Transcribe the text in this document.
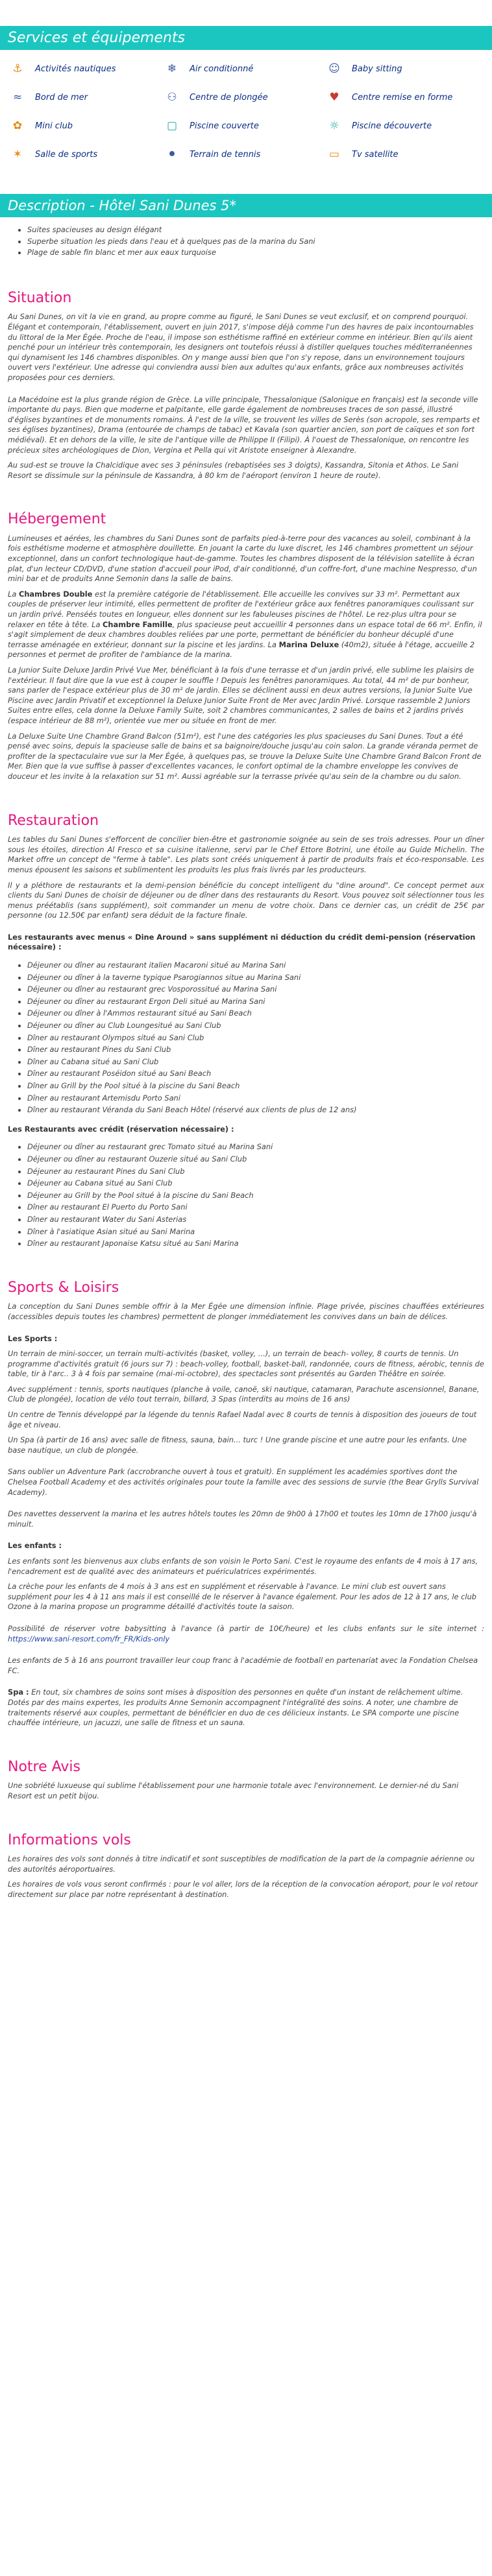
Services et équipements
⚓	Activités nautiques	❄	Air conditionné	☺	Baby sitting
≈	Bord de mer	⚇	Centre de plongée	♥	Centre remise en forme
✿	Mini club	▢	Piscine couverte	☼	Piscine découverte
✶	Salle de sports	⚫	Terrain de tennis	▭	Tv satellite
Description - Hôtel Sani Dunes 5*
• Suites spacieuses au design élégant
• Superbe situation les pieds dans l'eau et à quelques pas de la marina du Sani
• Plage de sable fin blanc et mer aux eaux turquoise
Situation

Au Sani Dunes, on vit la vie en grand, au propre comme au figuré, le Sani Dunes se veut exclusif, et on comprend pourquoi. Élégant et contemporain, l'établissement, ouvert en juin 2017, s'impose déjà comme l'un des havres de paix incontournables du littoral de la Mer Égée. Proche de l'eau, il impose son esthétisme raffiné en extérieur comme en intérieur. Bien qu'ils aient penché pour un intérieur très contemporain, les designers ont toutefois réussi à distiller quelques touches méditerranéennes qui dynamisent les 146 chambres disponibles. On y mange aussi bien que l'on s'y repose, dans un environnement toujours ouvert vers l'extérieur. Une adresse qui conviendra aussi bien aux adultes qu'aux enfants, grâce aux nombreuses activités proposées pour ces derniers.

La Macédoine est la plus grande région de Grèce. La ville principale, Thessalonique (Salonique en français) est la seconde ville importante du pays. Bien que moderne et palpitante, elle garde également de nombreuses traces de son passé, illustré d'églises byzantines et de monuments romains. À l'est de la ville, se trouvent les villes de Serès (son acropole, ses remparts et ses églises byzantines), Drama (entourée de champs de tabac) et Kavala (son quartier ancien, son port de caïques et son fort médiéval). Et en dehors de la ville, le site de l'antique ville de Philippe II (Filipi). À l'ouest de Thessalonique, on rencontre les précieux sites archéologiques de Dion, Vergina et Pella qui vit Aristote enseigner à Alexandre.

Au sud-est se trouve la Chalcidique avec ses 3 péninsules (rebaptisées ses 3 doigts), Kassandra, Sitonia et Athos. Le Sani Resort se dissimule sur la péninsule de Kassandra, à 80 km de l'aéroport (environ 1 heure de route).

Hébergement

Lumineuses et aérées, les chambres du Sani Dunes sont de parfaits pied-à-terre pour des vacances au soleil, combinant à la fois esthétisme moderne et atmosphère douillette. En jouant la carte du luxe discret, les 146 chambres promettent un séjour exceptionnel, dans un confort technologique haut-de-gamme. Toutes les chambres disposent de la télévision satellite à écran plat, d'un lecteur CD/DVD, d'une station d'accueil pour iPod, d'air conditionné, d'un coffre-fort, d'une machine Nespresso, d'un mini bar et de produits Anne Semonin dans la salle de bains.

La Chambres Double est la première catégorie de l'établissement. Elle accueille les convives sur 33 m². Permettant aux couples de préserver leur intimité, elles permettent de profiter de l'extérieur grâce aux fenêtres panoramiques coulissant sur un jardin privé. Penséés toutes en longueur, elles donnent sur les fabuleuses piscines de l'hôtel. Le rez-plus ultra pour se relaxer en tête à tête. La Chambre Famille, plus spacieuse peut accueillir 4 personnes dans un espace total de 66 m². Enfin, il s'agit simplement de deux chambres doubles reliées par une porte, permettant de bénéficier du bonheur décuplé d'une terrasse aménagée en extérieur, donnant sur la piscine et les jardins. La Marina Deluxe (40m2), située à l'étage, accueille 2 personnes et permet de profiter de l'ambiance de la marina.

La Junior Suite Deluxe Jardin Privé Vue Mer, bénéficiant à la fois d'une terrasse et d'un jardin privé, elle sublime les plaisirs de l'extérieur. Il faut dire que la vue est à couper le souffle ! Depuis les fenêtres panoramiques. Au total, 44 m² de pur bonheur, sans parler de l'espace extérieur plus de 30 m² de jardin. Elles se déclinent aussi en deux autres versions, la Junior Suite Vue Piscine avec Jardin Privatif et exceptionnel la Deluxe Junior Suite Front de Mer avec Jardin Privé. Lorsque rassemble 2 Juniors Suites entre elles, cela donne la Deluxe Family Suite, soit 2 chambres communicantes, 2 salles de bains et 2 jardins privés (espace intérieur de 88 m²), orientée vue mer ou située en front de mer.

La Deluxe Suite Une Chambre Grand Balcon (51m²), est l'une des catégories les plus spacieuses du Sani Dunes. Tout a été pensé avec soins, depuis la spacieuse salle de bains et sa baignoire/douche jusqu'au coin salon. La grande véranda permet de profiter de la spectaculaire vue sur la Mer Égée, à quelques pas, se trouve la Deluxe Suite Une Chambre Grand Balcon Front de Mer. Bien que la vue suffise à passer d'excellentes vacances, le confort optimal de la chambre enveloppe les convives de douceur et les invite à la relaxation sur 51 m². Aussi agréable sur la terrasse privée qu'au sein de la chambre ou du salon.

Restauration

Les tables du Sani Dunes s'efforcent de concilier bien-être et gastronomie soignée au sein de ses trois adresses. Pour un dîner sous les étoiles, direction Al Fresco et sa cuisine italienne, servi par le Chef Ettore Botrini, une étoile au Guide Michelin. The Market offre un concept de "ferme à table". Les plats sont créés uniquement à partir de produits frais et éco-responsable. Les menus épousent les saisons et sublimentent les produits les plus frais livrés par les producteurs.

Il y a pléthore de restaurants et la demi-pension bénéficie du concept intelligent du "dine around". Ce concept permet aux clients du Sani Dunes de choisir de déjeuner ou de dîner dans des restaurants du Resort. Vous pouvez soit sélectionner tous les menus préétablis (sans supplément), soit commander un menu de votre choix. Dans ce dernier cas, un crédit de 25€ par personne (ou 12.50€ par enfant) sera déduit de la facture finale.

Les restaurants avec menus « Dine Around » sans supplément ni déduction du crédit demi-pension (réservation nécessaire) :

• Déjeuner ou dîner au restaurant italien Macaroni situé au Marina Sani
• Déjeuner ou dîner à la taverne typique Psarogiannos situe au Marina Sani
• Déjeuner ou dîner au restaurant grec Vosporossitué au Marina Sani
• Déjeuner ou dîner au restaurant Ergon Deli situé au Marina Sani
• Déjeuner ou dîner à l'Ammos restaurant situé au Sani Beach
• Déjeuner ou dîner au Club Loungesitué au Sani Club
• Dîner au restaurant Olympos situé au Sani Club
• Dîner au restaurant Pines du Sani Club
• Dîner au Cabana situé au Sani Club
• Dîner au restaurant Poséidon situé au Sani Beach
• Dîner au Grill by the Pool situé à la piscine du Sani Beach
• Dîner au restaurant Artemisdu Porto Sani
• Dîner au restaurant Véranda du Sani Beach Hôtel (réservé aux clients de plus de 12 ans)

Les Restaurants avec crédit (réservation nécessaire) :

• Déjeuner ou dîner au restaurant grec Tomato situé au Marina Sani
• Déjeuner ou dîner au restaurant Ouzerie situé au Sani Club
• Déjeuner au restaurant Pines du Sani Club
• Déjeuner au Cabana situé au Sani Club
• Déjeuner au Grill by the Pool situé à la piscine du Sani Beach
• Dîner au restaurant El Puerto du Porto Sani
• Dîner au restaurant Water du Sani Asterias
• Dîner à l'asiatique Asian situé au Sani Marina
• Dîner au restaurant Japonaise Katsu situé au Sani Marina
Sports & Loisirs

La conception du Sani Dunes semble offrir à la Mer Égée une dimension infinie. Plage privée, piscines chauffées extérieures (accessibles depuis toutes les chambres) permettent de plonger immédiatement les convives dans un bain de délices.

Les Sports :

Un terrain de mini-soccer, un terrain multi-activités (basket, volley, ...), un terrain de beach- volley, 8 courts de tennis. Un programme d'activités gratuit (6 jours sur 7) : beach-volley, football, basket-ball, randonnée, cours de fitness, aérobic, tennis de table, tir à l'arc.. 3 à 4 fois par semaine (mai-mi-octobre), des spectacles sont présentés au Garden Théâtre en soirée.

Avec supplément : tennis, sports nautiques (planche à voile, canoë, ski nautique, catamaran, Parachute ascensionnel, Banane, Club de plongée), location de vélo tout terrain, billard, 3 Spas (interdits au moins de 16 ans)

Un centre de Tennis développé par la légende du tennis Rafael Nadal avec 8 courts de tennis à disposition des joueurs de tout âge et niveau.

Un Spa (à partir de 16 ans) avec salle de fitness, sauna, bain... turc ! Une grande piscine et une autre pour les enfants. Une base nautique, un club de plongée.

Sans oublier un Adventure Park (accrobranche ouvert à tous et gratuit). En supplément les académies sportives dont the Chelsea Football Academy et des activités originales pour toute la famille avec des sessions de survie (the Bear Grylls Survival Academy).

Des navettes desservent la marina et les autres hôtels toutes les 20mn de 9h00 à 17h00 et toutes les 10mn de 17h00 jusqu'à minuit.

Les enfants :

Les enfants sont les bienvenus aux clubs enfants de son voisin le Porto Sani. C'est le royaume des enfants de 4 mois à 17 ans, l'encadrement est de qualité avec des animateurs et puériculatrices expérimentés.

La crèche pour les enfants de 4 mois à 3 ans est en supplément et réservable à l'avance. Le mini club est ouvert sans supplément pour les 4 à 11 ans mais il est conseillé de le réserver à l'avance également. Pour les ados de 12 à 17 ans, le club Ozone à la marina propose un programme détaillé d'activités toute la saison.

Possibilité de réserver votre babysitting à l'avance (à partir de 10€/heure) et les clubs enfants sur le site internet : https://www.sani-resort.com/fr_FR/Kids-only

Les enfants de 5 à 16 ans pourront travailler leur coup franc à l'académie de football en partenariat avec la Fondation Chelsea FC.

Spa : En tout, six chambres de soins sont mises à disposition des personnes en quête d'un instant de relâchement ultime. Dotés par des mains expertes, les produits Anne Semonin accompagnent l'intégralité des soins. A noter, une chambre de traitements réservé aux couples, permettant de bénéficier en duo de ces délicieux instants. Le SPA comporte une piscine chauffée intérieure, un jacuzzi, une salle de fitness et un sauna.

Notre Avis

Une sobriété luxueuse qui sublime l'établissement pour une harmonie totale avec l'environnement. Le dernier-né du Sani Resort est un petit bijou.

Informations vols

Les horaires des vols sont donnés à titre indicatif et sont susceptibles de modification de la part de la compagnie aérienne ou des autorités aéroportuaires.

Les horaires de vols vous seront confirmés : pour le vol aller, lors de la réception de la convocation aéroport, pour le vol retour directement sur place par notre représentant à destination.
